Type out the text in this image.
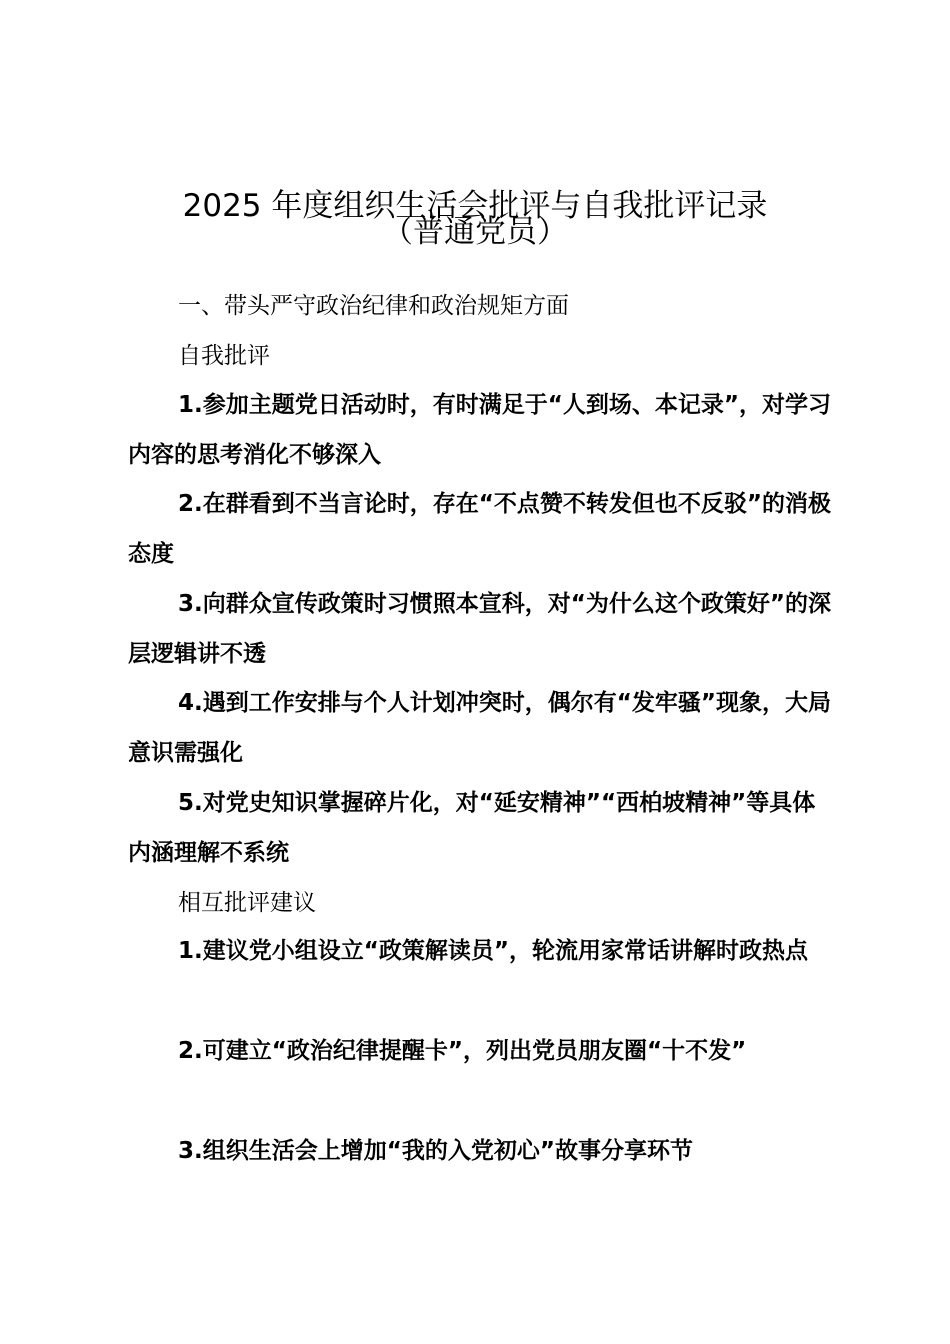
2025 年度组织生活会批评与自我批评记录
（普通党员）

一、带头严守政治纪律和政治规矩方面

自我批评

1.参加主题党日活动时，有时满足于“人到场、本记录”，对学习内容的思考消化不够深入

2.在群看到不当言论时，存在“不点赞不转发但也不反驳”的消极态度

3.向群众宣传政策时习惯照本宣科，对“为什么这个政策好”的深层逻辑讲不透

4.遇到工作安排与个人计划冲突时，偶尔有“发牢骚”现象，大局意识需强化

5.对党史知识掌握碎片化，对“延安精神”“西柏坡精神”等具体内涵理解不系统

相互批评建议

1.建议党小组设立“政策解读员”，轮流用家常话讲解时政热点

2.可建立“政治纪律提醒卡”，列出党员朋友圈“十不发”

3.组织生活会上增加“我的入党初心”故事分享环节
